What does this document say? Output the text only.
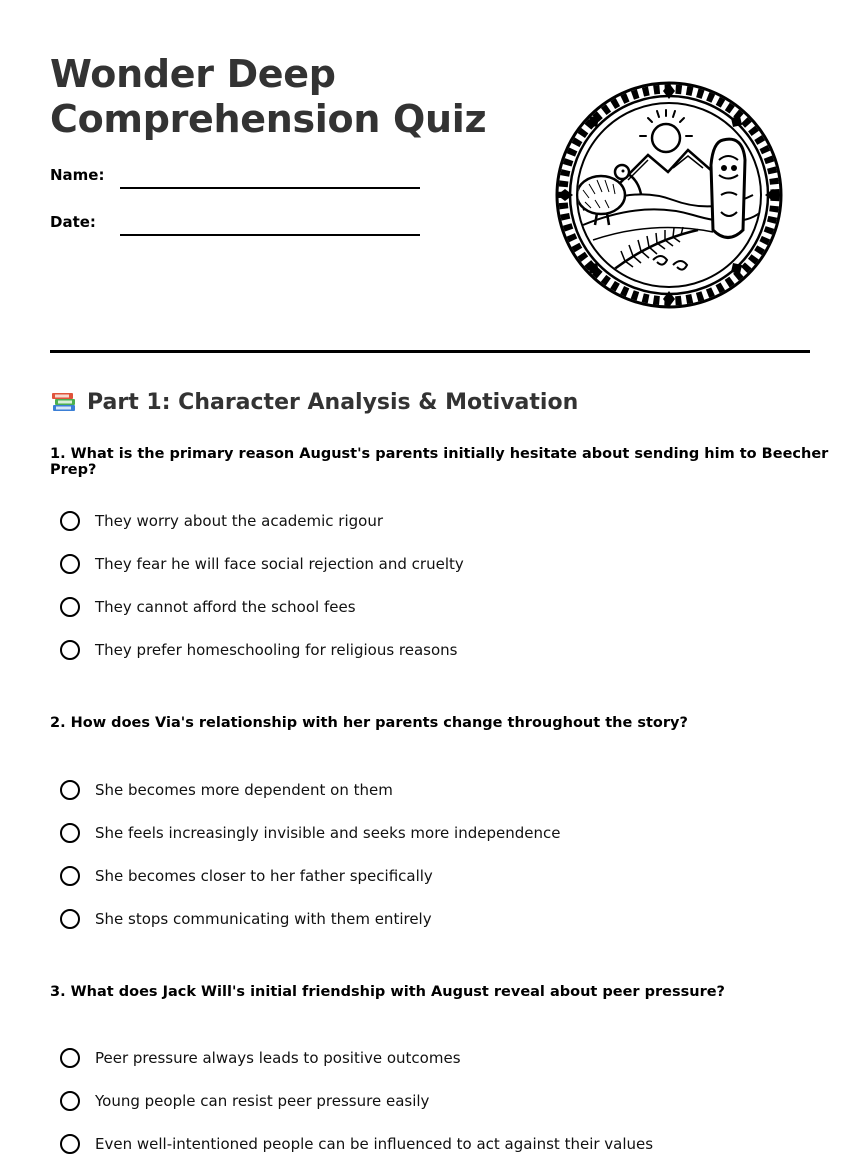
Wonder Deep
Comprehension Quiz
Name:
Date:
Part 1: Character Analysis & Motivation

1. What is the primary reason August's parents initially hesitate about sending him to Beecher Prep?

They worry about the academic rigour
They fear he will face social rejection and cruelty
They cannot afford the school fees
They prefer homeschooling for religious reasons

2. How does Via's relationship with her parents change throughout the story?

She becomes more dependent on them
She feels increasingly invisible and seeks more independence
She becomes closer to her father specifically
She stops communicating with them entirely

3. What does Jack Will's initial friendship with August reveal about peer pressure?

Peer pressure always leads to positive outcomes
Young people can resist peer pressure easily
Even well-intentioned people can be influenced to act against their values
